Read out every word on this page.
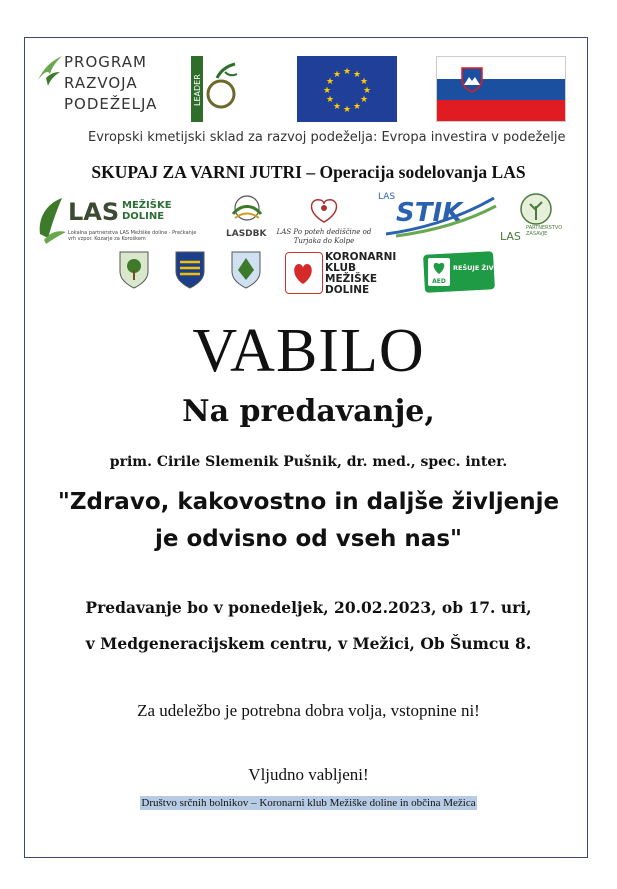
PROGRAM
RAZVOJA
PODEŽELJA	LEADER
★ ★
★
★
★
★
★
★
★
★
★
★
Evropski kmetijski sklad za razvoj podeželja: Evropa investira v podeželje
SKUPAJ ZA VARNI JUTRI – Operacija sodelovanja LAS
LAS MEŽIŠKE DOLINE
Lokalna partnerstva LAS Mežiške doline · Prečkanje vrh vzpor. Kozarje za Koroškem	LASDBK LAS Po poteh dediščine od Turjaka do Kolpe
LAS
STIK
LAS
PARTNERSTVO ZASAVJE
KORONARNI
KLUB
MEŽIŠKE
DOLINE
AED
REŠUJE ŽIVLJENJA
VABILO
Na predavanje,
prim. Cirile Slemenik Pušnik, dr. med., spec. inter.
"Zdravo, kakovostno in daljše življenje
je odvisno od vseh nas"
Predavanje bo v ponedeljek, 20.02.2023, ob 17. uri,
v Medgeneracijskem centru, v Mežici, Ob Šumcu 8.
Za udeležbo je potrebna dobra volja, vstopnine ni!
Vljudno vabljeni!
Društvo srčnih bolnikov – Koronarni klub Mežiške doline in občina Mežica
